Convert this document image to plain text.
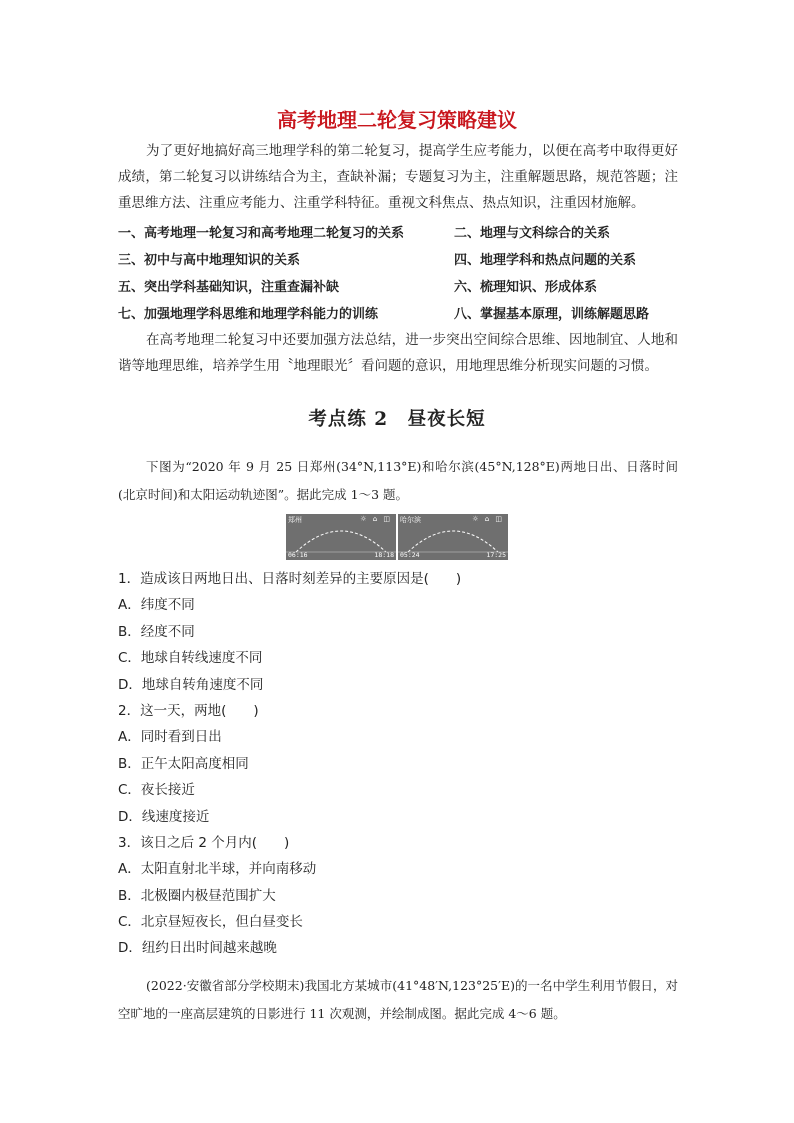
高考地理二轮复习策略建议
为了更好地搞好高三地理学科的第二轮复习，提高学生应考能力，以便在高考中取得更好成绩，第二轮复习以讲练结合为主，查缺补漏；专题复习为主，注重解题思路，规范答题；注重思维方法、注重应考能力、注重学科特征。重视文科焦点、热点知识，注重因材施解。
一、高考地理一轮复习和高考地理二轮复习的关系	二、地理与文科综合的关系
三、初中与高中地理知识的关系	四、地理学科和热点问题的关系
五、突出学科基础知识，注重查漏补缺	六、梳理知识、形成体系
七、加强地理学科思维和地理学科能力的训练	八、掌握基本原理，训练解题思路
在高考地理二轮复习中还要加强方法总结，进一步突出空间综合思维、因地制宜、人地和谐等地理思维，培养学生用〝地理眼光〞看问题的意识，用地理思维分析现实问题的习惯。
考点练 2　昼夜长短
下图为“2020 年 9 月 25 日郑州(34°N,113°E)和哈尔滨(45°N,128°E)两地日出、日落时间(北京时间)和太阳运动轨迹图”。据此完成 1～3 题。
郑州	☼ ⌂ ◫
06:16	18:18
哈尔滨	☼ ⌂ ◫
05:24	17:25
1．造成该日两地日出、日落时刻差异的主要原因是(　　)
A．纬度不同
B．经度不同
C．地球自转线速度不同
D．地球自转角速度不同
2．这一天，两地(　　)
A．同时看到日出
B．正午太阳高度相同
C．夜长接近
D．线速度接近
3．该日之后 2 个月内(　　)
A．太阳直射北半球，并向南移动
B．北极圈内极昼范围扩大
C．北京昼短夜长，但白昼变长
D．纽约日出时间越来越晚
(2022·安徽省部分学校期末)我国北方某城市(41°48′N,123°25′E)的一名中学生利用节假日，对空旷地的一座高层建筑的日影进行 11 次观测，并绘制成图。据此完成 4～6 题。
